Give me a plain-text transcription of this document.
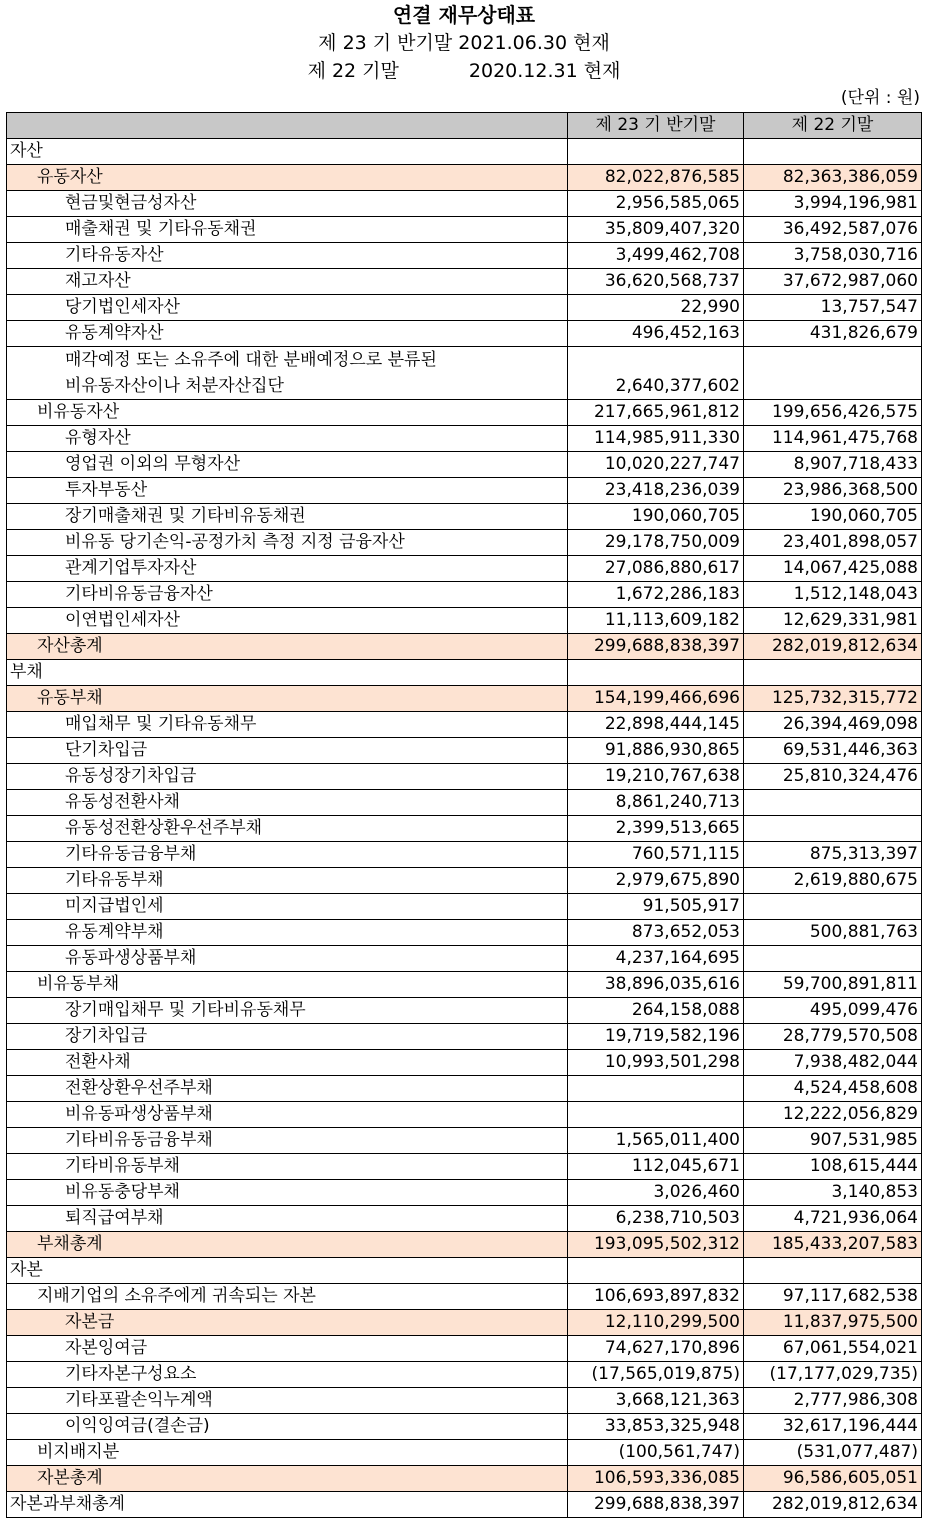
연결 재무상태표
제 23 기 반기말 2021.06.30 현재
제 22 기말	2020.12.31 현재
(단위 : 원)
	제 23 기 반기말	제 22 기말
자산		
유동자산	82,022,876,585	82,363,386,059
현금및현금성자산	2,956,585,065	3,994,196,981
매출채권 및 기타유동채권	35,809,407,320	36,492,587,076
기타유동자산	3,499,462,708	3,758,030,716
재고자산	36,620,568,737	37,672,987,060
당기법인세자산	22,990	13,757,547
유동계약자산	496,452,163	431,826,679

매각예정 또는 소유주에 대한 분배예정으로 분류된
비유동자산이나 처분자산집단	2,640,377,602	
비유동자산	217,665,961,812	199,656,426,575
유형자산	114,985,911,330	114,961,475,768
영업권 이외의 무형자산	10,020,227,747	8,907,718,433
투자부동산	23,418,236,039	23,986,368,500
장기매출채권 및 기타비유동채권	190,060,705	190,060,705
비유동 당기손익-공정가치 측정 지정 금융자산	29,178,750,009	23,401,898,057
관계기업투자자산	27,086,880,617	14,067,425,088
기타비유동금융자산	1,672,286,183	1,512,148,043
이연법인세자산	11,113,609,182	12,629,331,981
자산총계	299,688,838,397	282,019,812,634
부채		
유동부채	154,199,466,696	125,732,315,772
매입채무 및 기타유동채무	22,898,444,145	26,394,469,098
단기차입금	91,886,930,865	69,531,446,363
유동성장기차입금	19,210,767,638	25,810,324,476
유동성전환사채	8,861,240,713	
유동성전환상환우선주부채	2,399,513,665	
기타유동금융부채	760,571,115	875,313,397
기타유동부채	2,979,675,890	2,619,880,675
미지급법인세	91,505,917	
유동계약부채	873,652,053	500,881,763
유동파생상품부채	4,237,164,695	
비유동부채	38,896,035,616	59,700,891,811
장기매입채무 및 기타비유동채무	264,158,088	495,099,476
장기차입금	19,719,582,196	28,779,570,508
전환사채	10,993,501,298	7,938,482,044
전환상환우선주부채		4,524,458,608
비유동파생상품부채		12,222,056,829
기타비유동금융부채	1,565,011,400	907,531,985
기타비유동부채	112,045,671	108,615,444
비유동충당부채	3,026,460	3,140,853
퇴직급여부채	6,238,710,503	4,721,936,064
부채총계	193,095,502,312	185,433,207,583
자본		
지배기업의 소유주에게 귀속되는 자본	106,693,897,832	97,117,682,538
자본금	12,110,299,500	11,837,975,500
자본잉여금	74,627,170,896	67,061,554,021
기타자본구성요소	(17,565,019,875)	(17,177,029,735)
기타포괄손익누계액	3,668,121,363	2,777,986,308
이익잉여금(결손금)	33,853,325,948	32,617,196,444
비지배지분	(100,561,747)	(531,077,487)
자본총계	106,593,336,085	96,586,605,051
자본과부채총계	299,688,838,397	282,019,812,634
